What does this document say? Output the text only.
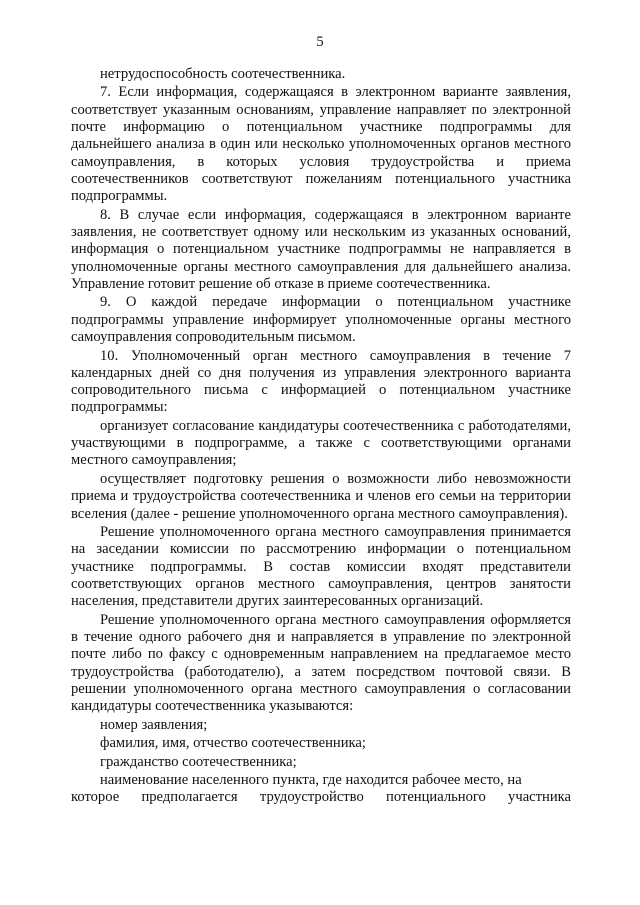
5

нетрудоспособность соотечественника.

7. Если информация, содержащаяся в электронном варианте заявления, соответствует указанным основаниям, управление направляет по электронной почте информацию о потенциальном участнике подпрограммы для дальнейшего анализа в один или несколько уполномоченных органов местного самоуправления, в которых условия трудоустройства и приема соотечественников соответствуют пожеланиям потенциального участника подпрограммы.

8. В случае если информация, содержащаяся в электронном варианте заявления, не соответствует одному или нескольким из указанных оснований, информация о потенциальном участнике подпрограммы не направляется в уполномоченные органы местного самоуправления для дальнейшего анализа. Управление готовит решение об отказе в приеме соотечественника.

9. О каждой передаче информации о потенциальном участнике подпрограммы управление информирует уполномоченные органы местного самоуправления сопроводительным письмом.

10. Уполномоченный орган местного самоуправления в течение 7 календарных дней со дня получения из управления электронного варианта сопроводительного письма с информацией о потенциальном участнике подпрограммы:

организует согласование кандидатуры соотечественника с работодателями, участвующими в подпрограмме, а также с соответствующими органами местного самоуправления;

осуществляет подготовку решения о возможности либо невозможности приема и трудоустройства соотечественника и членов его семьи на территории вселения (далее - решение уполномоченного органа местного самоуправления).

Решение уполномоченного органа местного самоуправления принимается на заседании комиссии по рассмотрению информации о потенциальном участнике подпрограммы. В состав комиссии входят представители соответствующих органов местного самоуправления, центров занятости населения, представители других заинтересованных организаций.

Решение уполномоченного органа местного самоуправления оформляется в течение одного рабочего дня и направляется в управление по электронной почте либо по факсу с одновременным направлением на предлагаемое место трудоустройства (работодателю), а затем посредством почтовой связи. В решении уполномоченного органа местного самоуправления о согласовании кандидатуры соотечественника указываются:

номер заявления;

фамилия, имя, отчество соотечественника;

гражданство соотечественника;

наименование населенного пункта, где находится рабочее место, на

которое предполагается трудоустройство потенциального участника
